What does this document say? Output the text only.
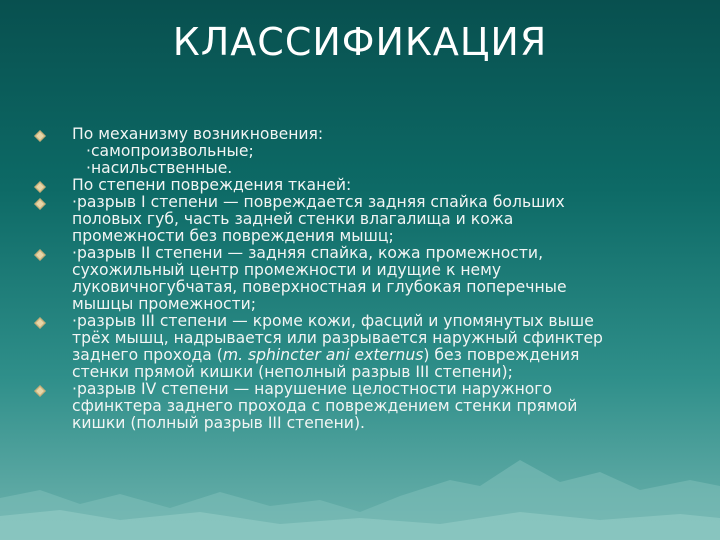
КЛАССИФИКАЦИЯ
По механизму возникновения:
·самопроизвольные;
·насильственные.
По степени повреждения тканей:
·разрыв I степени — повреждается задняя спайка больших
половых губ, часть задней стенки влагалища и кожа
промежности без повреждения мышц;
·разрыв II степени — задняя спайка, кожа промежности,
сухожильный центр промежности и идущие к нему
луковичногубчатая, поверхностная и глубокая поперечные
мышцы промежности;
·разрыв III степени — кроме кожи, фасций и упомянутых выше
трёх мышц, надрывается или разрывается наружный сфинктер
заднего прохода (m. sphincter ani externus) без повреждения
стенки прямой кишки (неполный разрыв III степени);
·разрыв IV степени — нарушение целостности наружного
сфинктера заднего прохода с повреждением стенки прямой
кишки (полный разрыв III степени).
